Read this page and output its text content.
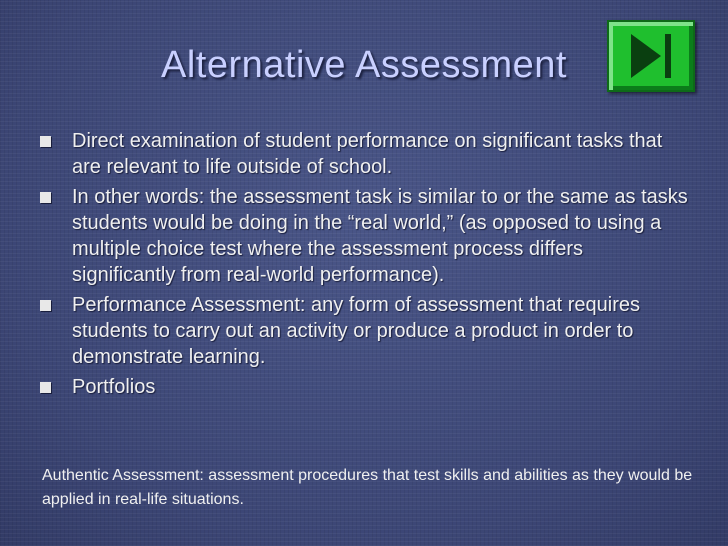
Alternative Assessment
Direct examination of student performance on significant tasks that are relevant to life outside of school.
In other words: the assessment task is similar to or the same as tasks students would be doing in the “real world,” (as opposed to using a multiple choice test where the assessment process differs significantly from real-world performance).
Performance Assessment: any form of assessment that requires students to carry out an activity or produce a product in order to demonstrate learning.
Portfolios
Authentic Assessment: assessment procedures that test skills and abilities as they would be applied in real-life situations.
